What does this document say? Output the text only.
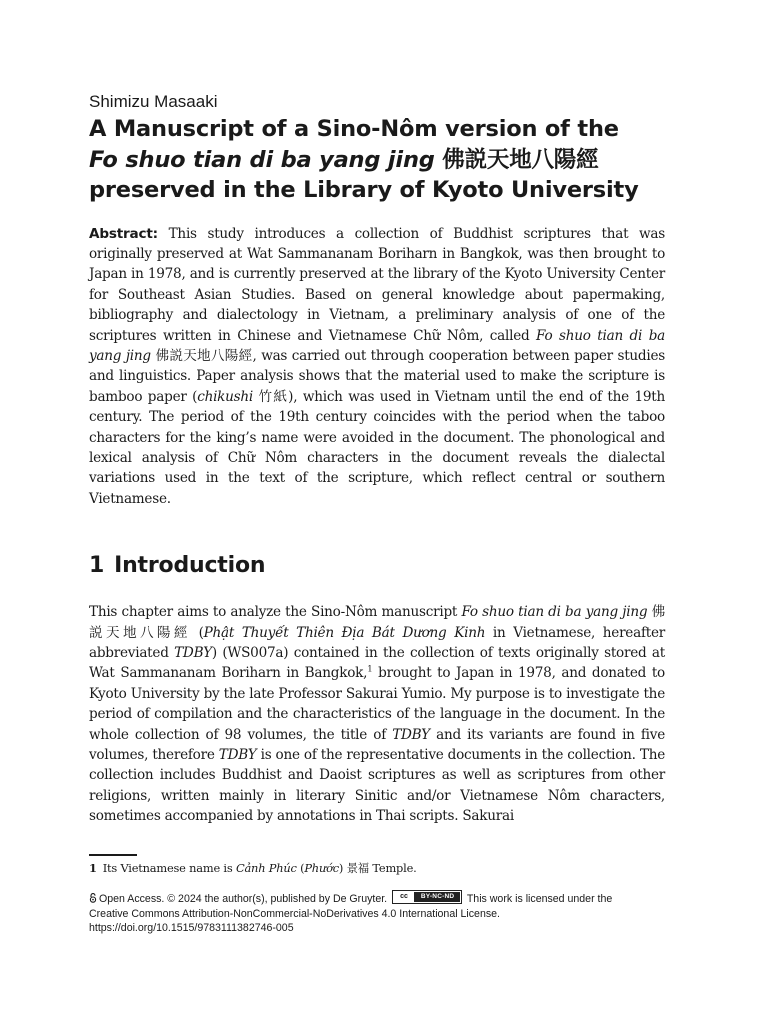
Shimizu Masaaki
A Manuscript of a Sino-Nôm version of the
Fo shuo tian di ba yang jing 佛説天地八陽經
preserved in the Library of Kyoto University

Abstract: This study introduces a collection of Buddhist scriptures that was originally preserved at Wat Sammananam Boriharn in Bangkok, was then brought to Japan in 1978, and is currently preserved at the library of the Kyoto University Center for Southeast Asian Studies. Based on general knowledge about papermaking, bibliography and dialectology in Vietnam, a preliminary analysis of one of the scriptures written in Chinese and Vietnamese Chữ Nôm, called Fo shuo tian di ba yang jing 佛説天地八陽經, was carried out through cooperation between paper studies and linguistics. Paper analysis shows that the material used to make the scripture is bamboo paper (chikushi 竹紙), which was used in Vietnam until the end of the 19th century. The period of the 19th century coincides with the period when the taboo characters for the king’s name were avoided in the document. The phonological and lexical analysis of Chữ Nôm characters in the document reveals the dialectal variations used in the text of the scripture, which reflect central or southern Vietnamese.

1 Introduction

This chapter aims to analyze the Sino-Nôm manuscript Fo shuo tian di ba yang jing 佛説天地八陽經 (Phật Thuyết Thiên Địa Bát Dương Kinh in Vietnamese, hereafter abbreviated TDBY) (WS007a) contained in the collection of texts originally stored at Wat Sammananam Boriharn in Bangkok,$^1$ brought to Japan in 1978, and donated to Kyoto University by the late Professor Sakurai Yumio. My purpose is to investigate the period of compilation and the characteristics of the language in the document. In the whole collection of 98 volumes, the title of TDBY and its variants are found in five volumes, therefore TDBY is one of the representative documents in the collection. The collection includes Buddhist and Daoist scriptures as well as scriptures from other religions, written mainly in literary Sinitic and/or Vietnamese Nôm characters, sometimes accompanied by annotations in Thai scripts. Sakurai

1 Its Vietnamese name is Cảnh Phúc (Phước) 景福 Temple.
Open Access. © 2024 the author(s), published by De Gruyter.	cc	BY-NC-ND	This work is licensed under the
Creative Commons Attribution-NonCommercial-NoDerivatives 4.0 International License.
https://doi.org/10.1515/9783111382746-005
